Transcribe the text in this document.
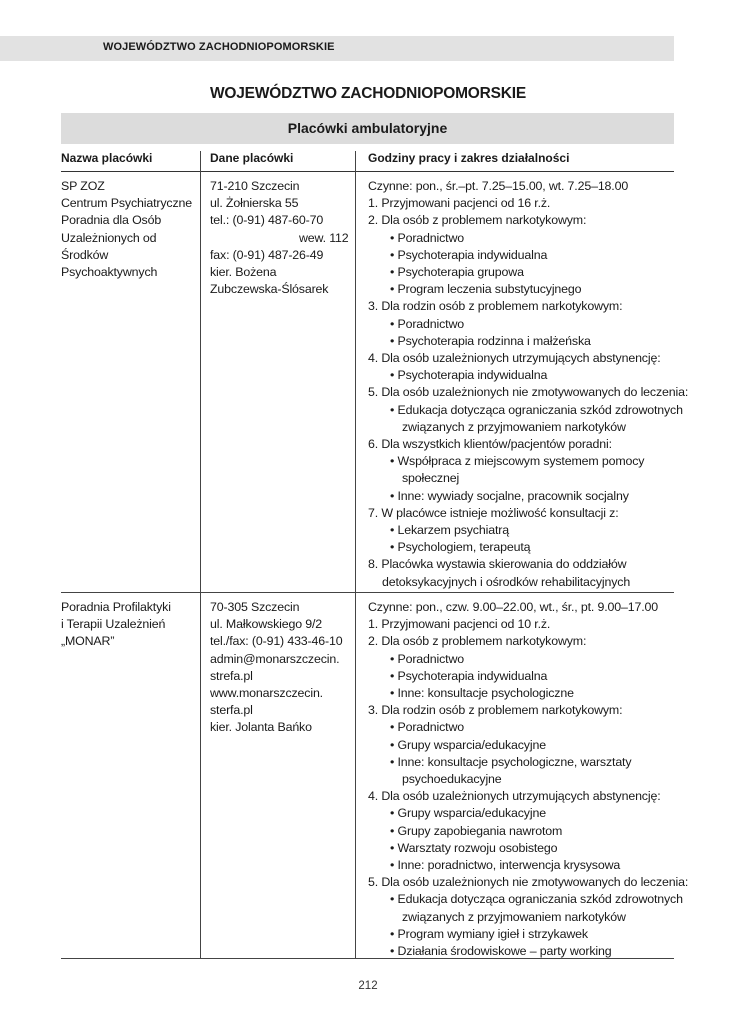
WOJEWÓDZTWO ZACHODNIOPOMORSKIE
WOJEWÓDZTWO ZACHODNIOPOMORSKIE
Placówki ambulatoryjne
Nazwa placówki	Dane placówki	Godziny pracy i zakres działalności
SP ZOZ
Centrum Psychiatryczne
Poradnia dla Osób
Uzależnionych od
Środków
Psychoaktywnych
71-210 Szczecin
ul. Żołnierska 55
tel.: (0-91) 487-60-70
wew. 112
fax: (0-91) 487-26-49
kier. Bożena
Zubczewska-Ślósarek
Czynne: pon., śr.–pt. 7.25–15.00, wt. 7.25–18.00
1. Przyjmowani pacjenci od 16 r.ż.
2. Dla osób z problemem narkotykowym:
• Poradnictwo
• Psychoterapia indywidualna
• Psychoterapia grupowa
• Program leczenia substytucyjnego
3. Dla rodzin osób z problemem narkotykowym:
• Poradnictwo
• Psychoterapia rodzinna i małżeńska
4. Dla osób uzależnionych utrzymujących abstynencję:
• Psychoterapia indywidualna
5. Dla osób uzależnionych nie zmotywowanych do leczenia:
• Edukacja dotycząca ograniczania szkód zdrowotnych
związanych z przyjmowaniem narkotyków
6. Dla wszystkich klientów/pacjentów poradni:
• Współpraca z miejscowym systemem pomocy
społecznej
• Inne: wywiady socjalne, pracownik socjalny
7. W placówce istnieje możliwość konsultacji z:
• Lekarzem psychiatrą
• Psychologiem, terapeutą
8. Placówka wystawia skierowania do oddziałów
detoksykacyjnych i ośrodków rehabilitacyjnych
Poradnia Profilaktyki
i Terapii Uzależnień
„MONAR”
70-305 Szczecin
ul. Małkowskiego 9/2
tel./fax: (0-91) 433-46-10
admin@monarszczecin.
strefa.pl
www.monarszczecin.
sterfa.pl
kier. Jolanta Bańko
Czynne: pon., czw. 9.00–22.00, wt., śr., pt. 9.00–17.00
1. Przyjmowani pacjenci od 10 r.ż.
2. Dla osób z problemem narkotykowym:
• Poradnictwo
• Psychoterapia indywidualna
• Inne: konsultacje psychologiczne
3. Dla rodzin osób z problemem narkotykowym:
• Poradnictwo
• Grupy wsparcia/edukacyjne
• Inne: konsultacje psychologiczne, warsztaty
psychoedukacyjne
4. Dla osób uzależnionych utrzymujących abstynencję:
• Grupy wsparcia/edukacyjne
• Grupy zapobiegania nawrotom
• Warsztaty rozwoju osobistego
• Inne: poradnictwo, interwencja krysysowa
5. Dla osób uzależnionych nie zmotywowanych do leczenia:
• Edukacja dotycząca ograniczania szkód zdrowotnych
związanych z przyjmowaniem narkotyków
• Program wymiany igieł i strzykawek
• Działania środowiskowe – party working
212
